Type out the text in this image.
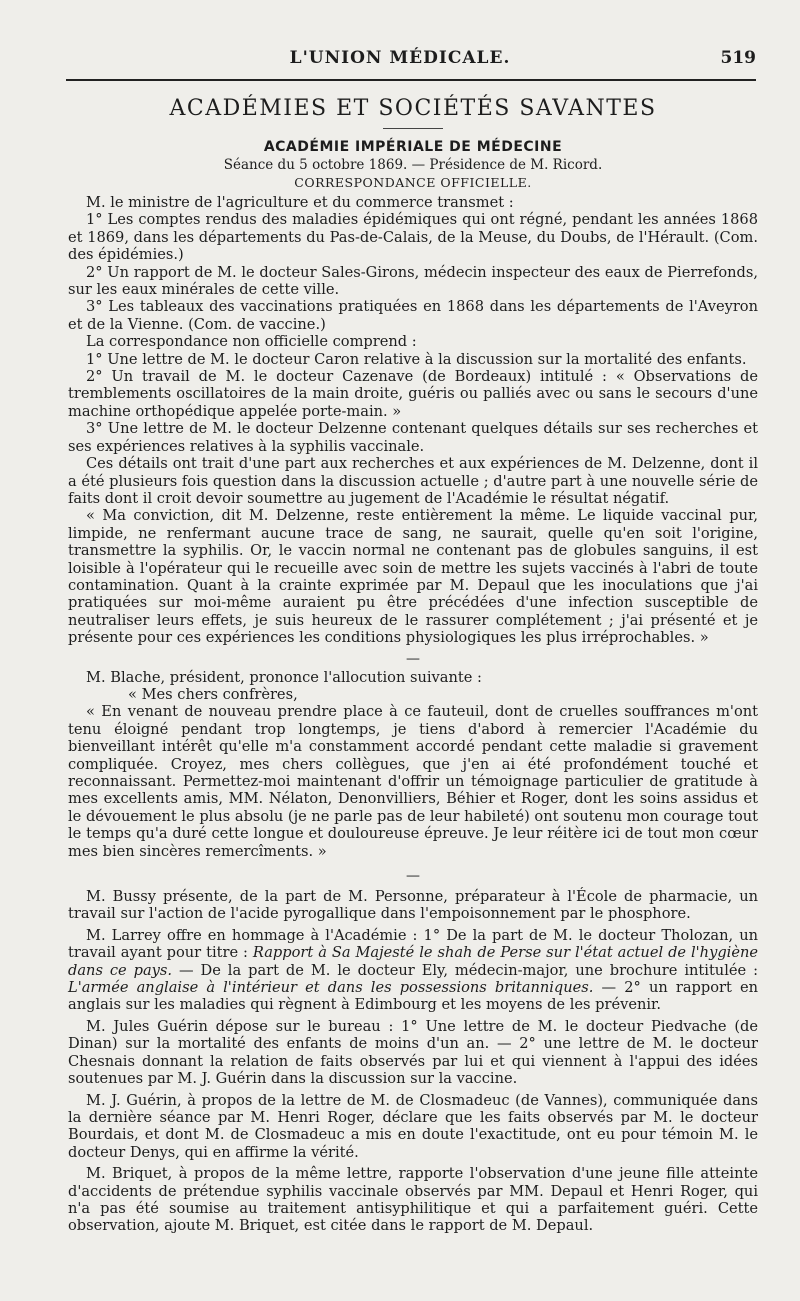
L'UNION MÉDICALE.	519
ACADÉMIES ET SOCIÉTÉS SAVANTES
ACADÉMIE IMPÉRIALE DE MÉDECINE
Séance du 5 octobre 1869. — Présidence de M. Ricord.
CORRESPONDANCE OFFICIELLE.

M. le ministre de l'agriculture et du commerce transmet :

1° Les comptes rendus des maladies épidémiques qui ont régné, pendant les années 1868 et 1869, dans les départements du Pas-de-Calais, de la Meuse, du Doubs, de l'Hérault. (Com. des épidémies.)

2° Un rapport de M. le docteur Sales-Girons, médecin inspecteur des eaux de Pierrefonds, sur les eaux minérales de cette ville.

3° Les tableaux des vaccinations pratiquées en 1868 dans les départements de l'Aveyron et de la Vienne. (Com. de vaccine.)

La correspondance non officielle comprend :

1° Une lettre de M. le docteur Caron relative à la discussion sur la mortalité des enfants.

2° Un travail de M. le docteur Cazenave (de Bordeaux) intitulé : « Observations de tremblements oscillatoires de la main droite, guéris ou palliés avec ou sans le secours d'une machine orthopédique appelée porte-main. »

3° Une lettre de M. le docteur Delzenne contenant quelques détails sur ses recherches et ses expériences relatives à la syphilis vaccinale.

Ces détails ont trait d'une part aux recherches et aux expériences de M. Delzenne, dont il a été plusieurs fois question dans la discussion actuelle ; d'autre part à une nouvelle série de faits dont il croit devoir soumettre au jugement de l'Académie le résultat négatif.

« Ma conviction, dit M. Delzenne, reste entièrement la même. Le liquide vaccinal pur, limpide, ne renfermant aucune trace de sang, ne saurait, quelle qu'en soit l'origine, transmettre la syphilis. Or, le vaccin normal ne contenant pas de globules sanguins, il est loisible à l'opérateur qui le recueille avec soin de mettre les sujets vaccinés à l'abri de toute contamination. Quant à la crainte exprimée par M. Depaul que les inoculations que j'ai pratiquées sur moi-même auraient pu être précédées d'une infection susceptible de neutraliser leurs effets, je suis heureux de le rassurer complétement ; j'ai présenté et je présente pour ces expériences les conditions physiologiques les plus irréprochables. »

—

M. Blache, président, prononce l'allocution suivante :

« Mes chers confrères,

« En venant de nouveau prendre place à ce fauteuil, dont de cruelles souffrances m'ont tenu éloigné pendant trop longtemps, je tiens d'abord à remercier l'Académie du bienveillant intérêt qu'elle m'a constamment accordé pendant cette maladie si gravement compliquée. Croyez, mes chers collègues, que j'en ai été profondément touché et reconnaissant. Permettez-moi maintenant d'offrir un témoignage particulier de gratitude à mes excellents amis, MM. Nélaton, Denonvilliers, Béhier et Roger, dont les soins assidus et le dévouement le plus absolu (je ne parle pas de leur habileté) ont soutenu mon courage tout le temps qu'a duré cette longue et douloureuse épreuve. Je leur réitère ici de tout mon cœur mes bien sincères remercîments. »

—

M. Bussy présente, de la part de M. Personne, préparateur à l'École de pharmacie, un travail sur l'action de l'acide pyrogallique dans l'empoisonnement par le phosphore.

M. Larrey offre en hommage à l'Académie : 1° De la part de M. le docteur Tholozan, un travail ayant pour titre : Rapport à Sa Majesté le shah de Perse sur l'état actuel de l'hygiène dans ce pays. — De la part de M. le docteur Ely, médecin-major, une brochure intitulée : L'armée anglaise à l'intérieur et dans les possessions britanniques. — 2° un rapport en anglais sur les maladies qui règnent à Edimbourg et les moyens de les prévenir.

M. Jules Guérin dépose sur le bureau : 1° Une lettre de M. le docteur Piedvache (de Dinan) sur la mortalité des enfants de moins d'un an. — 2° une lettre de M. le docteur Chesnais donnant la relation de faits observés par lui et qui viennent à l'appui des idées soutenues par M. J. Guérin dans la discussion sur la vaccine.

M. J. Guérin, à propos de la lettre de M. de Closmadeuc (de Vannes), communiquée dans la dernière séance par M. Henri Roger, déclare que les faits observés par M. le docteur Bourdais, et dont M. de Closmadeuc a mis en doute l'exactitude, ont eu pour témoin M. le docteur Denys, qui en affirme la vérité.

M. Briquet, à propos de la même lettre, rapporte l'observation d'une jeune fille atteinte d'accidents de prétendue syphilis vaccinale observés par MM. Depaul et Henri Roger, qui n'a pas été soumise au traitement antisyphilitique et qui a parfaitement guéri. Cette observation, ajoute M. Briquet, est citée dans le rapport de M. Depaul.
